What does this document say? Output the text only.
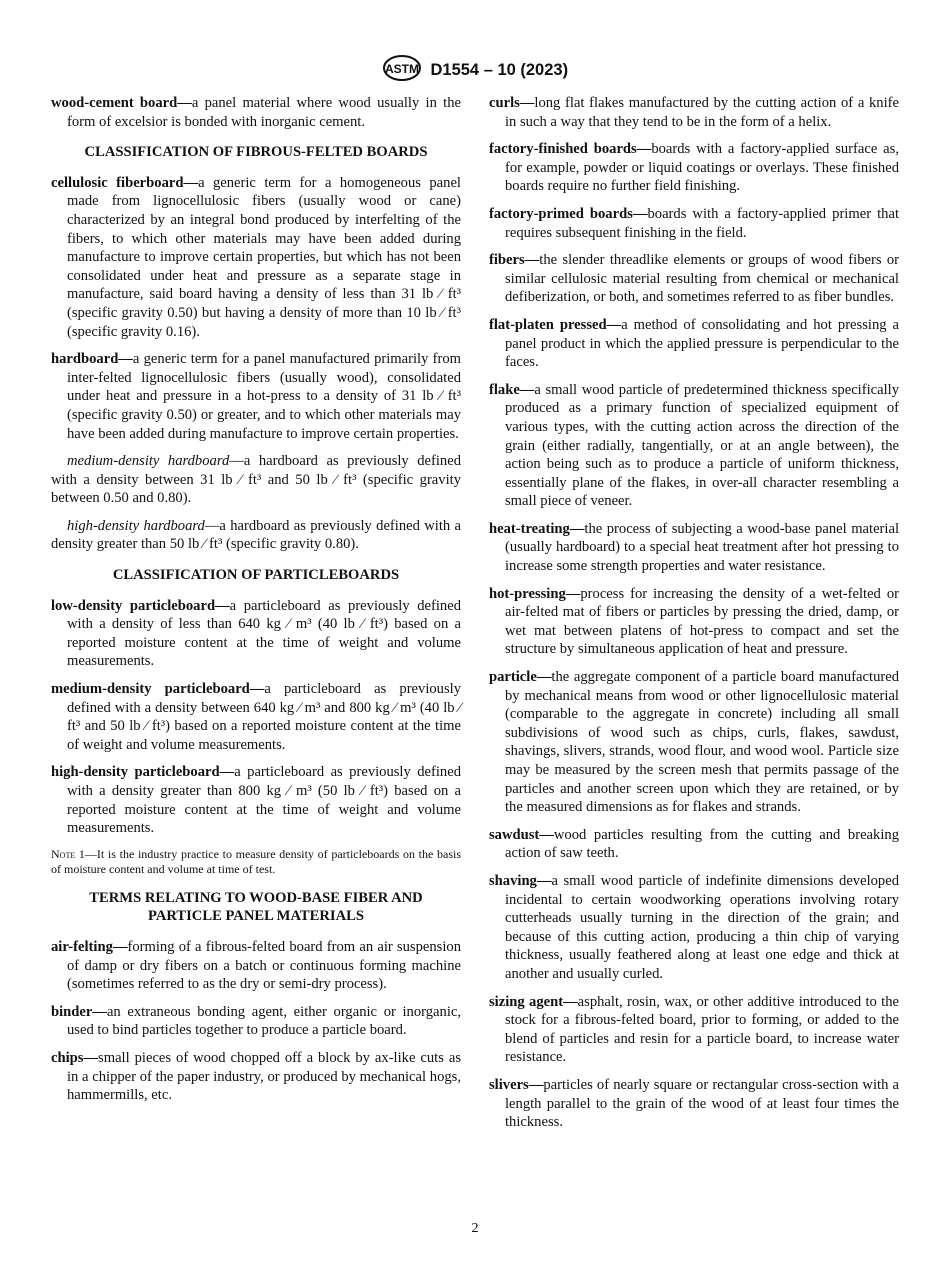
ASTM D1554 – 10 (2023)

wood-cement board—a panel material where wood usually in the form of excelsior is bonded with inorganic cement.

CLASSIFICATION OF FIBROUS-FELTED BOARDS

cellulosic fiberboard—a generic term for a homogeneous panel made from lignocellulosic fibers (usually wood or cane) characterized by an integral bond produced by interfelting of the fibers, to which other materials may have been added during manufacture to improve certain properties, but which has not been consolidated under heat and pressure as a separate stage in manufacture, said board having a density of less than 31 lb ⁄ ft³ (specific gravity 0.50) but having a density of more than 10 lb ⁄ ft³ (specific gravity 0.16).

hardboard—a generic term for a panel manufactured primarily from inter-felted lignocellulosic fibers (usually wood), consolidated under heat and pressure in a hot-press to a density of 31 lb ⁄ ft³ (specific gravity 0.50) or greater, and to which other materials may have been added during manufacture to improve certain properties.

medium-density hardboard—a hardboard as previously defined with a density between 31 lb ⁄ ft³ and 50 lb ⁄ ft³ (specific gravity between 0.50 and 0.80).

high-density hardboard—a hardboard as previously defined with a density greater than 50 lb ⁄ ft³ (specific gravity 0.80).

CLASSIFICATION OF PARTICLEBOARDS

low-density particleboard—a particleboard as previously defined with a density of less than 640 kg ⁄ m³ (40 lb ⁄ ft³) based on a reported moisture content at the time of weight and volume measurements.

medium-density particleboard—a particleboard as previously defined with a density between 640 kg ⁄ m³ and 800 kg ⁄ m³ (40 lb ⁄ ft³ and 50 lb ⁄ ft³) based on a reported moisture content at the time of weight and volume measurements.

high-density particleboard—a particleboard as previously defined with a density greater than 800 kg ⁄ m³ (50 lb ⁄ ft³) based on a reported moisture content at the time of weight and volume measurements.

Note 1—It is the industry practice to measure density of particleboards on the basis of moisture content and volume at time of test.

TERMS RELATING TO WOOD-BASE FIBER AND PARTICLE PANEL MATERIALS

air-felting—forming of a fibrous-felted board from an air suspension of damp or dry fibers on a batch or continuous forming machine (sometimes referred to as the dry or semi-dry process).

binder—an extraneous bonding agent, either organic or inorganic, used to bind particles together to produce a particle board.

chips—small pieces of wood chopped off a block by ax-like cuts as in a chipper of the paper industry, or produced by mechanical hogs, hammermills, etc.

curls—long flat flakes manufactured by the cutting action of a knife in such a way that they tend to be in the form of a helix.

factory-finished boards—boards with a factory-applied surface as, for example, powder or liquid coatings or overlays. These finished boards require no further field finishing.

factory-primed boards—boards with a factory-applied primer that requires subsequent finishing in the field.

fibers—the slender threadlike elements or groups of wood fibers or similar cellulosic material resulting from chemical or mechanical defiberization, or both, and sometimes referred to as fiber bundles.

flat-platen pressed—a method of consolidating and hot pressing a panel product in which the applied pressure is perpendicular to the faces.

flake—a small wood particle of predetermined thickness specifically produced as a primary function of specialized equipment of various types, with the cutting action across the direction of the grain (either radially, tangentially, or at an angle between), the action being such as to produce a particle of uniform thickness, essentially plane of the flakes, in over-all character resembling a small piece of veneer.

heat-treating—the process of subjecting a wood-base panel material (usually hardboard) to a special heat treatment after hot pressing to increase some strength properties and water resistance.

hot-pressing—process for increasing the density of a wet-felted or air-felted mat of fibers or particles by pressing the dried, damp, or wet mat between platens of hot-press to compact and set the structure by simultaneous application of heat and pressure.

particle—the aggregate component of a particle board manufactured by mechanical means from wood or other lignocellulosic material (comparable to the aggregate in concrete) including all small subdivisions of wood such as chips, curls, flakes, sawdust, shavings, slivers, strands, wood flour, and wood wool. Particle size may be measured by the screen mesh that permits passage of the particles and another screen upon which they are retained, or by the measured dimensions as for flakes and strands.

sawdust—wood particles resulting from the cutting and breaking action of saw teeth.

shaving—a small wood particle of indefinite dimensions developed incidental to certain woodworking operations involving rotary cutterheads usually turning in the direction of the grain; and because of this cutting action, producing a thin chip of varying thickness, usually feathered along at least one edge and thick at another and usually curled.

sizing agent—asphalt, rosin, wax, or other additive introduced to the stock for a fibrous-felted board, prior to forming, or added to the blend of particles and resin for a particle board, to increase water resistance.

slivers—particles of nearly square or rectangular cross-section with a length parallel to the grain of the wood of at least four times the thickness.

2
